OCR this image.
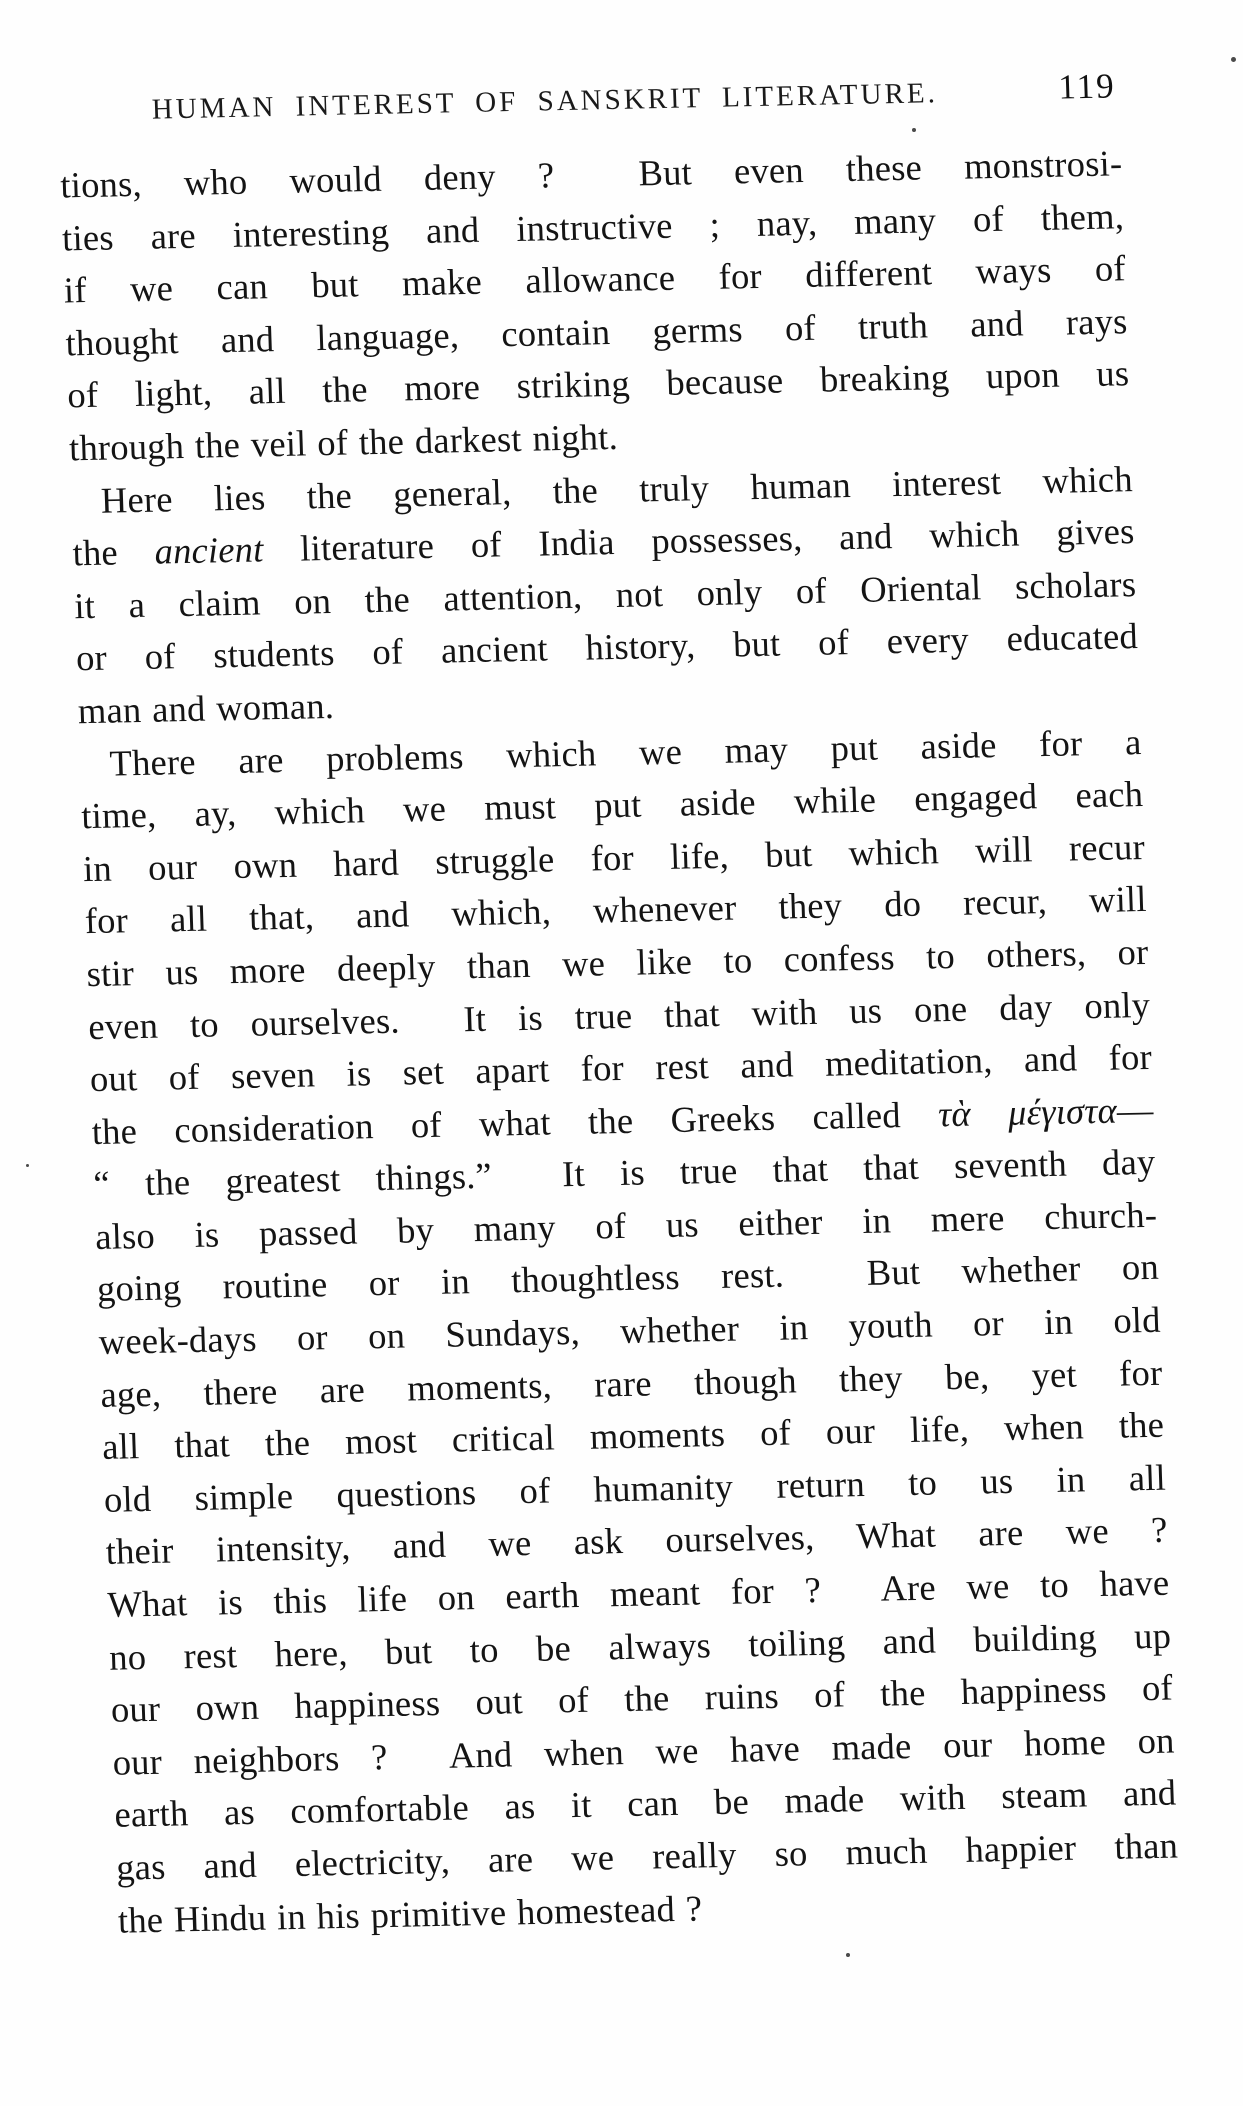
HUMAN INTEREST OF SANSKRIT LITERATURE.	119
tions, who would deny ?  But even these monstrosi-
ties are interesting and instructive ; nay, many of them,
if we can but make allowance for different ways of
thought and language, contain germs of truth and rays
of light, all the more striking because breaking upon us
through the veil of the darkest night.
Here lies the general, the truly human interest which
the ancient literature of India possesses, and which gives
it a claim on the attention, not only of Oriental scholars
or of students of ancient history, but of every educated
man and woman.
There are problems which we may put aside for a
time, ay, which we must put aside while engaged each
in our own hard struggle for life, but which will recur
for all that, and which, whenever they do recur, will
stir us more deeply than we like to confess to others, or
even to ourselves.  It is true that with us one day only
out of seven is set apart for rest and meditation, and for
the consideration of what the Greeks called τὰ μέγιστα—
“ the greatest things.”  It is true that that seventh day
also is passed by many of us either in mere church-
going routine or in thoughtless rest.  But whether on
week-days or on Sundays, whether in youth or in old
age, there are moments, rare though they be, yet for
all that the most critical moments of our life, when the
old simple questions of humanity return to us in all
their intensity, and we ask ourselves, What are we ?
What is this life on earth meant for ?  Are we to have
no rest here, but to be always toiling and building up
our own happiness out of the ruins of the happiness of
our neighbors ?  And when we have made our home on
earth as comfortable as it can be made with steam and
gas and electricity, are we really so much happier than
the Hindu in his primitive homestead ?
